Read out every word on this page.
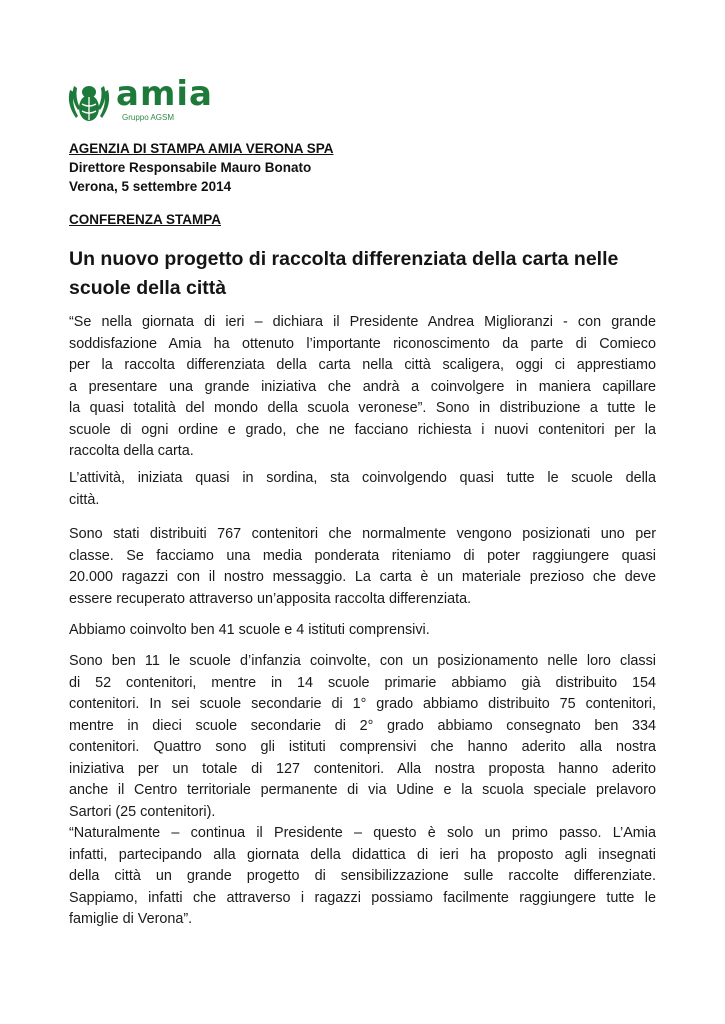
amia
Gruppo AGSM
AGENZIA DI STAMPA AMIA VERONA SPA
Direttore Responsabile Mauro Bonato
Verona, 5 settembre 2014
CONFERENZA STAMPA
Un nuovo progetto di raccolta differenziata della carta nelle
scuole della città
“Se nella giornata di ieri – dichiara il Presidente Andrea Miglioranzi - con grande
soddisfazione Amia ha ottenuto l’importante riconoscimento da parte di Comieco
per la raccolta differenziata della carta nella città scaligera, oggi ci apprestiamo
a presentare una grande iniziativa che andrà a coinvolgere in maniera capillare
la quasi totalità del mondo della scuola veronese”. Sono in distribuzione a tutte le
scuole di ogni ordine e grado, che ne facciano richiesta i nuovi contenitori per la
raccolta della carta.
L’attività, iniziata quasi in sordina, sta coinvolgendo quasi tutte le scuole della
città.
Sono stati distribuiti 767 contenitori che normalmente vengono posizionati uno per
classe. Se facciamo una media ponderata riteniamo di poter raggiungere quasi
20.000 ragazzi con il nostro messaggio. La carta è un materiale prezioso che deve
essere recuperato attraverso un’apposita raccolta differenziata.
Abbiamo coinvolto ben 41 scuole e 4 istituti comprensivi.
Sono ben 11 le scuole d’infanzia coinvolte, con un posizionamento nelle loro classi
di 52 contenitori, mentre in 14 scuole primarie abbiamo già distribuito 154
contenitori. In sei scuole secondarie di 1° grado abbiamo distribuito 75 contenitori,
mentre in dieci scuole secondarie di 2° grado abbiamo consegnato ben 334
contenitori. Quattro sono gli istituti comprensivi che hanno aderito alla nostra
iniziativa per un totale di 127 contenitori. Alla nostra proposta hanno aderito
anche il Centro territoriale permanente di via Udine e la scuola speciale prelavoro
Sartori (25 contenitori).
“Naturalmente – continua il Presidente – questo è solo un primo passo. L’Amia
infatti, partecipando alla giornata della didattica di ieri ha proposto agli insegnati
della città un grande progetto di sensibilizzazione sulle raccolte differenziate.
Sappiamo, infatti che attraverso i ragazzi possiamo facilmente raggiungere tutte le
famiglie di Verona”.
